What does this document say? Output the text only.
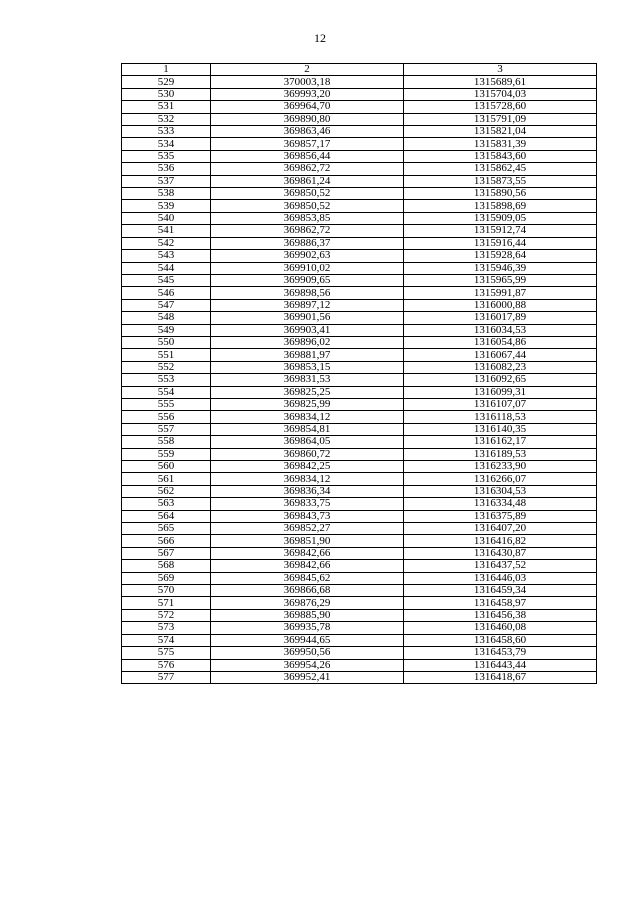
12
1	2	3
529	370003,18	1315689,61
530	369993,20	1315704,03
531	369964,70	1315728,60
532	369890,80	1315791,09
533	369863,46	1315821,04
534	369857,17	1315831,39
535	369856,44	1315843,60
536	369862,72	1315862,45
537	369861,24	1315873,55
538	369850,52	1315890,56
539	369850,52	1315898,69
540	369853,85	1315909,05
541	369862,72	1315912,74
542	369886,37	1315916,44
543	369902,63	1315928,64
544	369910,02	1315946,39
545	369909,65	1315965,99
546	369898,56	1315991,87
547	369897,12	1316000,88
548	369901,56	1316017,89
549	369903,41	1316034,53
550	369896,02	1316054,86
551	369881,97	1316067,44
552	369853,15	1316082,23
553	369831,53	1316092,65
554	369825,25	1316099,31
555	369825,99	1316107,07
556	369834,12	1316118,53
557	369854,81	1316140,35
558	369864,05	1316162,17
559	369860,72	1316189,53
560	369842,25	1316233,90
561	369834,12	1316266,07
562	369836,34	1316304,53
563	369833,75	1316334,48
564	369843,73	1316375,89
565	369852,27	1316407,20
566	369851,90	1316416,82
567	369842,66	1316430,87
568	369842,66	1316437,52
569	369845,62	1316446,03
570	369866,68	1316459,34
571	369876,29	1316458,97
572	369885,90	1316456,38
573	369935,78	1316460,08
574	369944,65	1316458,60
575	369950,56	1316453,79
576	369954,26	1316443,44
577	369952,41	1316418,67
